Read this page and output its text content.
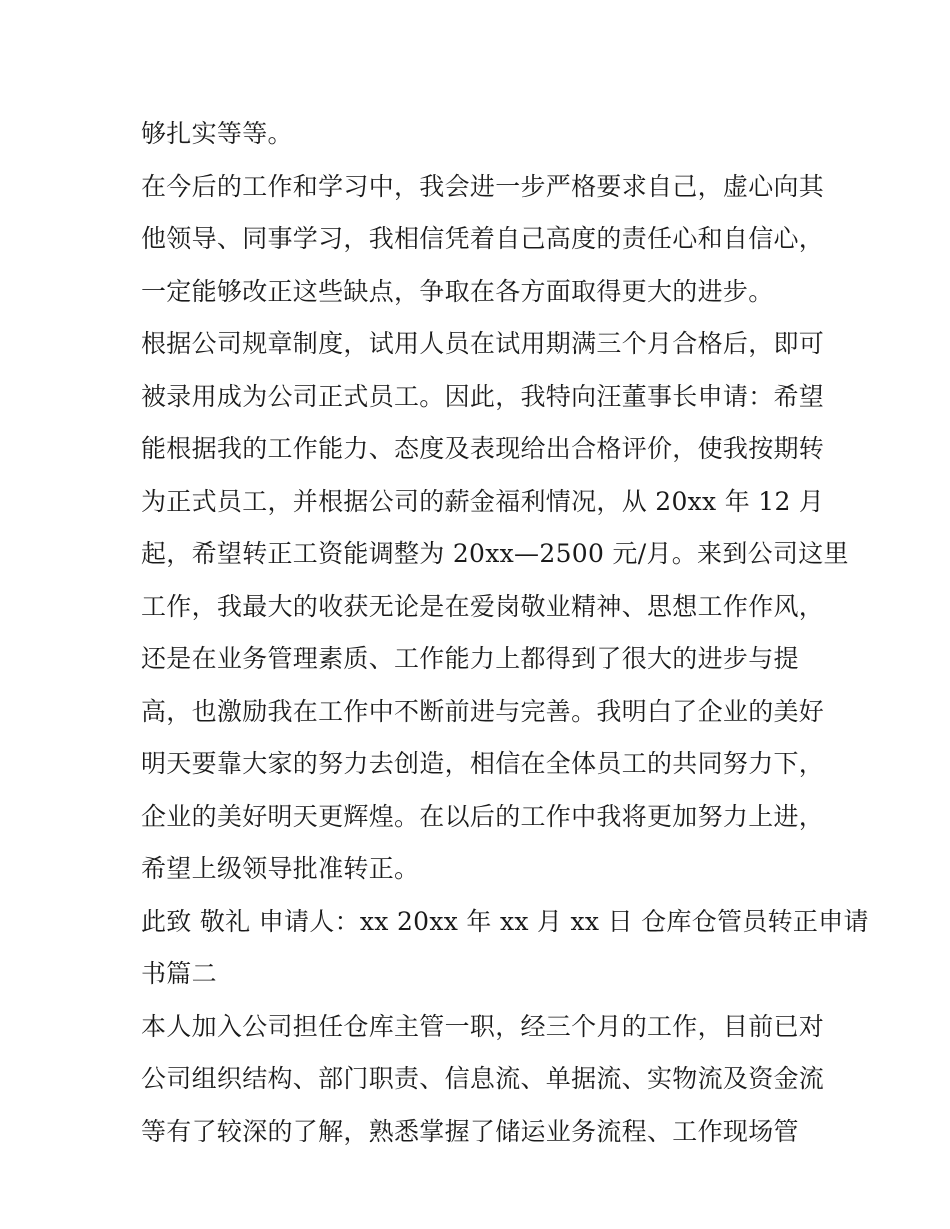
够扎实等等。
在今后的工作和学习中，我会进一步严格要求自己，虚心向其
他领导、同事学习，我相信凭着自己高度的责任心和自信心，
一定能够改正这些缺点，争取在各方面取得更大的进步。
根据公司规章制度，试用人员在试用期满三个月合格后，即可
被录用成为公司正式员工。因此，我特向汪董事长申请：希望
能根据我的工作能力、态度及表现给出合格评价，使我按期转
为正式员工，并根据公司的薪金福利情况，从 20xx 年 12 月
起，希望转正工资能调整为 20xx—2500 元/月。来到公司这里
工作，我最大的收获无论是在爱岗敬业精神、思想工作作风，
还是在业务管理素质、工作能力上都得到了很大的进步与提
高，也激励我在工作中不断前进与完善。我明白了企业的美好
明天要靠大家的努力去创造，相信在全体员工的共同努力下，
企业的美好明天更辉煌。在以后的工作中我将更加努力上进，
希望上级领导批准转正。
此致 敬礼 申请人：xx 20xx 年 xx 月 xx 日 仓库仓管员转正申请
书篇二
本人加入公司担任仓库主管一职，经三个月的工作，目前已对
公司组织结构、部门职责、信息流、单据流、实物流及资金流
等有了较深的了解，熟悉掌握了储运业务流程、工作现场管
